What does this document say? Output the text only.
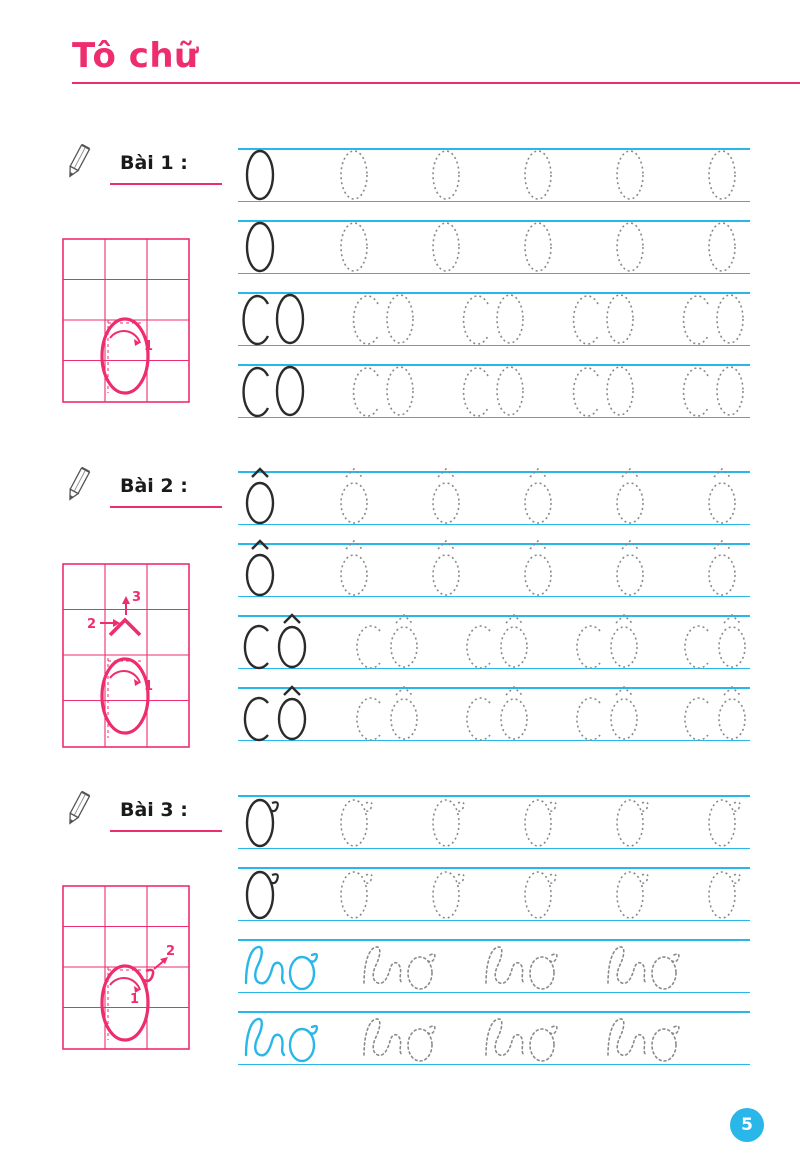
Tô chữ
Bài 1 :
1
Bài 2 :
1
2
3
Bài 3 :
1
2
5
